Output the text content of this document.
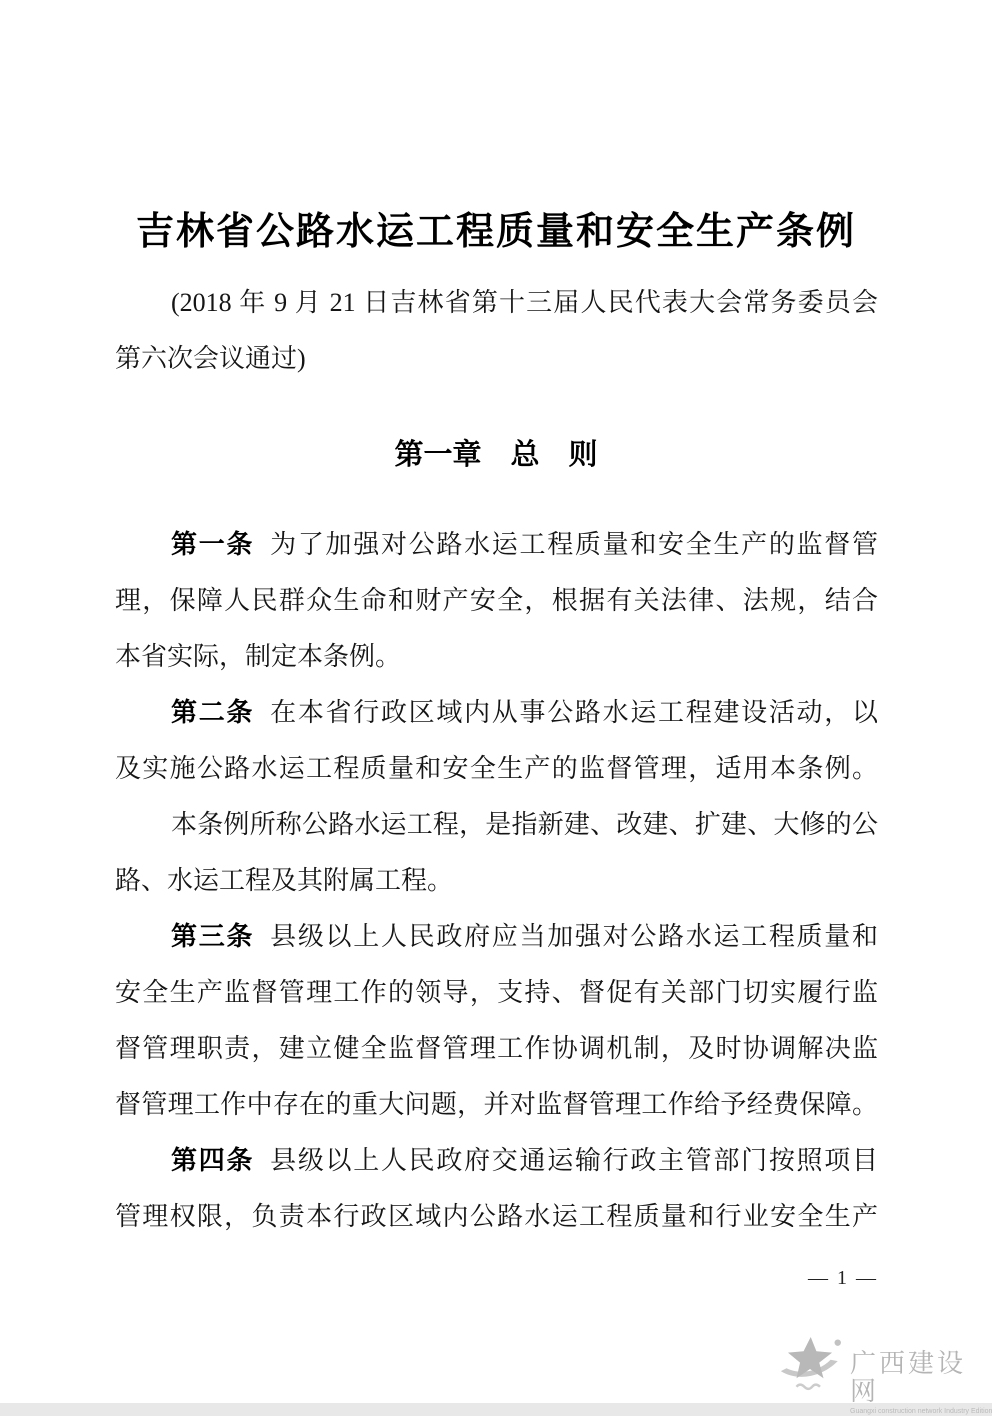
吉林省公路水运工程质量和安全生产条例
(2018 年 9 月 21 日吉林省第十三届人民代表大会常务委员会
第六次会议通过)
第一章　总　则
第一条 为了加强对公路水运工程质量和安全生产的监督管
理，保障人民群众生命和财产安全，根据有关法律、法规，结合
本省实际，制定本条例。
第二条 在本省行政区域内从事公路水运工程建设活动，以
及实施公路水运工程质量和安全生产的监督管理，适用本条例。
本条例所称公路水运工程，是指新建、改建、扩建、大修的公
路、水运工程及其附属工程。
第三条 县级以上人民政府应当加强对公路水运工程质量和
安全生产监督管理工作的领导，支持、督促有关部门切实履行监
督管理职责，建立健全监督管理工作协调机制，及时协调解决监
督管理工作中存在的重大问题，并对监督管理工作给予经费保障。
第四条 县级以上人民政府交通运输行政主管部门按照项目
管理权限，负责本行政区域内公路水运工程质量和行业安全生产
— 1 —
广西建设网
Guangxi construction network Industry Edition
